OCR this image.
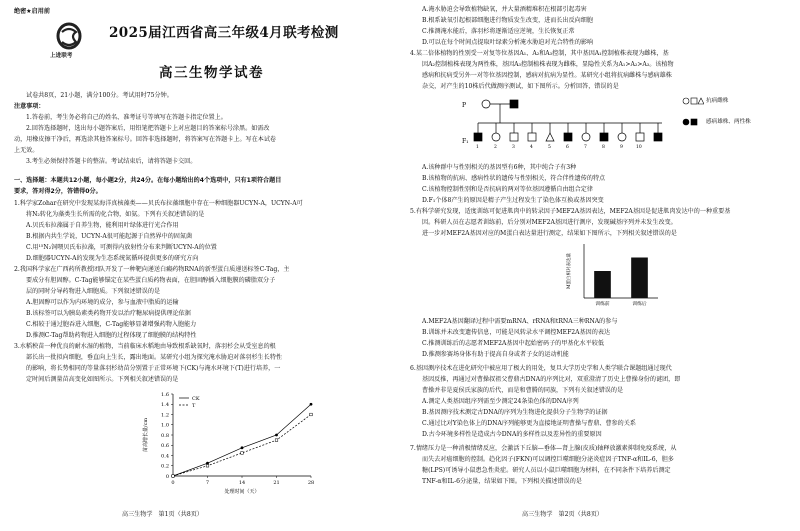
绝密★启用前
上进联考
2025届江西省高三年级4月联考检测
高三生物学试卷
试卷共8页，21小题，满分100分。考试用时75分钟。
注意事项：
1.答卷前，考生务必将自己的姓名、准考证号等填写在答题卡指定位置上。
2.回答选择题时，选出每小题答案后，用铅笔把答题卡上对应题目的答案标号涂黑。如需改
动，用橡皮擦干净后，再选涂其他答案标号。回答非选择题时，将答案写在答题卡上。写在本试卷
上无效。
3.考生必须保持答题卡的整洁。考试结束后，请将答题卡交回。
一、选择题：本题共12小题，每小题2分，共24分。在每小题给出的4个选项中，只有1项符合题目
要求，答对得2分，答错得0分。
1.科学家Zohar在研究中发现某海洋真核藻类——贝氏布拉藻细胞中存在一种细胞器UCYN-A，UCYN-A可
将N₂转化为藻类生长所需的化合物，如氨。下列有关叙述错误的是
A.贝氏布拉藻属于自养生物，能利用叶绿体进行光合作用
B.根据内共生学说，UCYN-A很可能起源于自然界中的固氮菌
C.用¹⁵N₂饲喂贝氏布拉藻，可测得内放射性分布来判断UCYN-A的位置
D.细胞器UCYN-A的发现为生态系统氮循环提供更多的研究方向
2.我国科学家在广西药所教授团队开发了一种靶向递送白癜药物RNA的新型蛋白质递送标签C-Tag，主
要成分有胆固醇。C-Tag能够锚定在某些蛋白质药物表面，在胆固醇插入细胞膜的磷脂双分子
层的同时分导药物进入细胞质。下列叙述错误的是
A.胆固醇可以作为内环境的成分，参与血液中脂质的运输
B.该标签可以为胰岛素类药物开发以治疗糖尿病提供理论依据
C.相较于通过胞吞进入细胞，C-Tag能够显著增强药物入胞能力
D.推测C-Tag帮助药物进入细胞的过程体现了细胞膜的结构特性
3.水稻秧苗一种优良的耐水湿的植物，当前临床水稻地由导致根系缺氧时，落羽杉会从受室息的根
部长出一批拟向细胞，垂直向上生长，露出地面。某研究小组为探究淹水胁迫对落羽杉生长特性
的影响，将长势相同的等量落羽杉幼苗分别置于正常环境下(CK)与淹水环境下(T)进行培养，一
定时间后测量苗高变化如图所示。下列相关叙述错误的是
0
0.2
0.4
0.6
0.8
1.0
1.2
1.4
1.6
0	7	14	21	28
处理时间（天）
苗高增长量/cm
CK
T
高三生物学　第1页（共8页）
A.淹水胁迫会导致植物缺氧，并大量酒精堆积在根部引起毒害
B.根系缺氧引起根部细胞进行物质发生改变，进而长出反向细胞
C.推测淹水能后，落羽杉将逐渐适应逆境，生长恢复正常
D.可以在每个时间点提取叶绿素分析淹水胁迫对光合特性的影响
4.某二倍体植物的性别受一对复等位基因A₁、A₂和A₃控制，其中基因A₁控制植株表现为雌株，基
因A₂控制植株表现为两性株，基因A₃控制植株表现为雌株，显隐性关系为A₁>A₂>A₃。该植物
感病和抗病受另外一对等位基因控制，感病对抗病为显性。某研究小组将抗病雌株与感病雄株
杂交，对产生的10株后代做测序测试，如下图所示。分析回答，错误的是
P
F₁
1	2	3	4	5	6	7	8	9	10
抗病雌株
感病雄株、两性株
A.该种群中与性别相关的基因型有6种，其中纯合子有3种
B.该植物的抗病、感病性状的遗传与性别相关，符合伴性遗传的特点
C.该植物控制性别和是否抗病的两对等位基因遵循自由组合定律
D.F₁个体8产生的原因是精子产生过程发生了染色体互换或基因突变
5.有科学研究发现，适度训练可促进肌肉中的转录因子MEF2A基因表达，MEF2A基因是促进肌肉发达中的一种重要基
因。科研人员在志愿者训练前，后分别对MEF2A基因进行测序，发现碱基序列并未发生改变。
进一步对MEF2A基因对应的M蛋白表达量进行测定，结果如下图所示，下列相关叙述错误的是
M蛋白相对表达量
训练前	训练后
A.MEF2A基因翻译过程中需要mRNA、rRNA和tRNA三种RNA的参与
B.训练并未改变遗传信息，可能是风转录水平调控MEF2A基因的表达
C.推测训练后的志愿者MEF2A基因中起始密码子的甲基化水平较低
D.推测参赛场身体有助于提高自身或者子女的运动机能
6.基因测序技术在进化研究中被应用了极大的用处，复旦大学历史学和人类学联合课题组通过现代
基因反推，再通过对曹操叔祖父曹鼎古DNA的序列比对，双重澄清了历史上曹操身份的谜团，即
曹操并非是夏侯氏家族的后代，而是和曹腾的同族，下列有关叙述错误的是
A.测定人类基因组序列需至少测定24条染色体的DNA序列
B.基因测序技术测定古DNA的序列为生物进化提供分子生物学的证据
C.通过比对Y染色体上的DNA序列能够更为直接地证明曹操与曹鼎、曹参的关系
D.古今环境多样性是造成古今DNA的多样性以及差异性的重要原因
7.情绪压力是一种消极情绪反应，会激活下丘脑—垂体—肾上腺(皮质)轴释放激素抑制免疫系统，从
而失去对癌细胞的控制。趋化因子(FKN)可以调控巨噬细胞分泌炎症因子TNF-α和IL-6，胆多
糖(LPS)可诱导小鼠患急性炎症。研究人员以小鼠巨噬细胞为材料，在不同条件下培养后测定
TNF-α和IL-6分泌量，结果如下图。下列相关描述错误的是
高三生物学　第2页（共8页）
